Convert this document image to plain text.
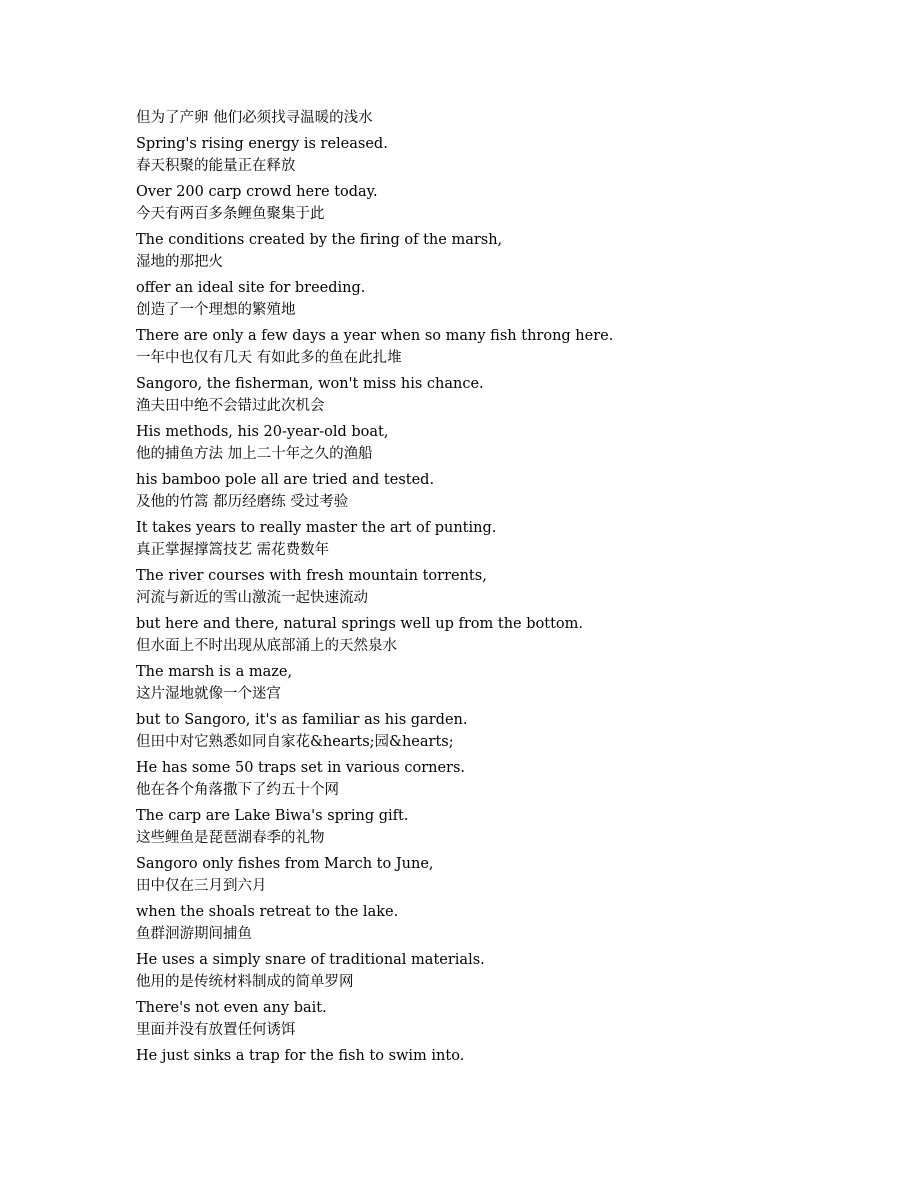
但为了产卵 他们必须找寻温暖的浅水

Spring's rising energy is released.

春天积聚的能量正在释放

Over 200 carp crowd here today.

今天有两百多条鲤鱼聚集于此

The conditions created by the firing of the marsh,

湿地的那把火

offer an ideal site for breeding.

创造了一个理想的繁殖地

There are only a few days a year when so many fish throng here.

一年中也仅有几天 有如此多的鱼在此扎堆

Sangoro, the fisherman, won't miss his chance.

渔夫田中绝不会错过此次机会

His methods, his 20-year-old boat,

他的捕鱼方法 加上二十年之久的渔船

his bamboo pole all are tried and tested.

及他的竹篙 都历经磨练 受过考验

It takes years to really master the art of punting.

真正掌握撑篙技艺 需花费数年

The river courses with fresh mountain torrents,

河流与新近的雪山激流一起快速流动

but here and there, natural springs well up from the bottom.

但水面上不时出现从底部涌上的天然泉水

The marsh is a maze,

这片湿地就像一个迷宫

but to Sangoro, it's as familiar as his garden.

但田中对它熟悉如同自家花&hearts;园&hearts;

He has some 50 traps set in various corners.

他在各个角落撒下了约五十个网

The carp are Lake Biwa's spring gift.

这些鲤鱼是琵琶湖春季的礼物

Sangoro only fishes from March to June,

田中仅在三月到六月

when the shoals retreat to the lake.

鱼群洄游期间捕鱼

He uses a simply snare of traditional materials.

他用的是传统材料制成的简单罗网

There's not even any bait.

里面并没有放置任何诱饵

He just sinks a trap for the fish to swim into.
